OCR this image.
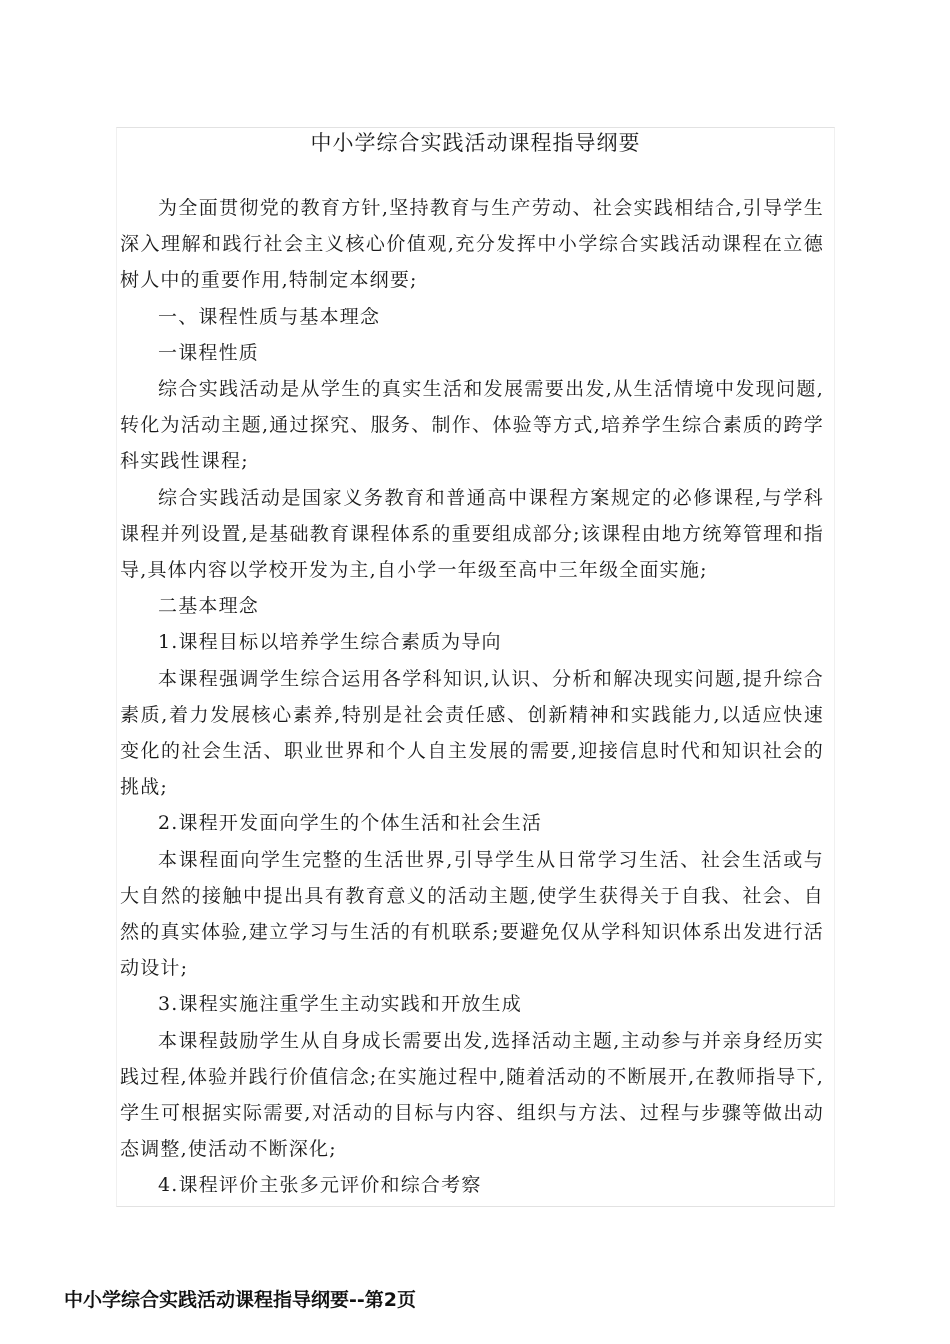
中小学综合实践活动课程指导纲要

为全面贯彻党的教育方针,坚持教育与生产劳动、社会实践相结合,引导学生深入理解和践行社会主义核心价值观,充分发挥中小学综合实践活动课程在立德树人中的重要作用,特制定本纲要;

一、课程性质与基本理念

一课程性质

综合实践活动是从学生的真实生活和发展需要出发,从生活情境中发现问题,转化为活动主题,通过探究、服务、制作、体验等方式,培养学生综合素质的跨学科实践性课程;

综合实践活动是国家义务教育和普通高中课程方案规定的必修课程,与学科课程并列设置,是基础教育课程体系的重要组成部分;该课程由地方统筹管理和指导,具体内容以学校开发为主,自小学一年级至高中三年级全面实施;

二基本理念

1.课程目标以培养学生综合素质为导向

本课程强调学生综合运用各学科知识,认识、分析和解决现实问题,提升综合素质,着力发展核心素养,特别是社会责任感、创新精神和实践能力,以适应快速变化的社会生活、职业世界和个人自主发展的需要,迎接信息时代和知识社会的挑战;

2.课程开发面向学生的个体生活和社会生活

本课程面向学生完整的生活世界,引导学生从日常学习生活、社会生活或与大自然的接触中提出具有教育意义的活动主题,使学生获得关于自我、社会、自然的真实体验,建立学习与生活的有机联系;要避免仅从学科知识体系出发进行活动设计;

3.课程实施注重学生主动实践和开放生成

本课程鼓励学生从自身成长需要出发,选择活动主题,主动参与并亲身经历实践过程,体验并践行价值信念;在实施过程中,随着活动的不断展开,在教师指导下,学生可根据实际需要,对活动的目标与内容、组织与方法、过程与步骤等做出动态调整,使活动不断深化;

4.课程评价主张多元评价和综合考察

中小学综合实践活动课程指导纲要--第2页
